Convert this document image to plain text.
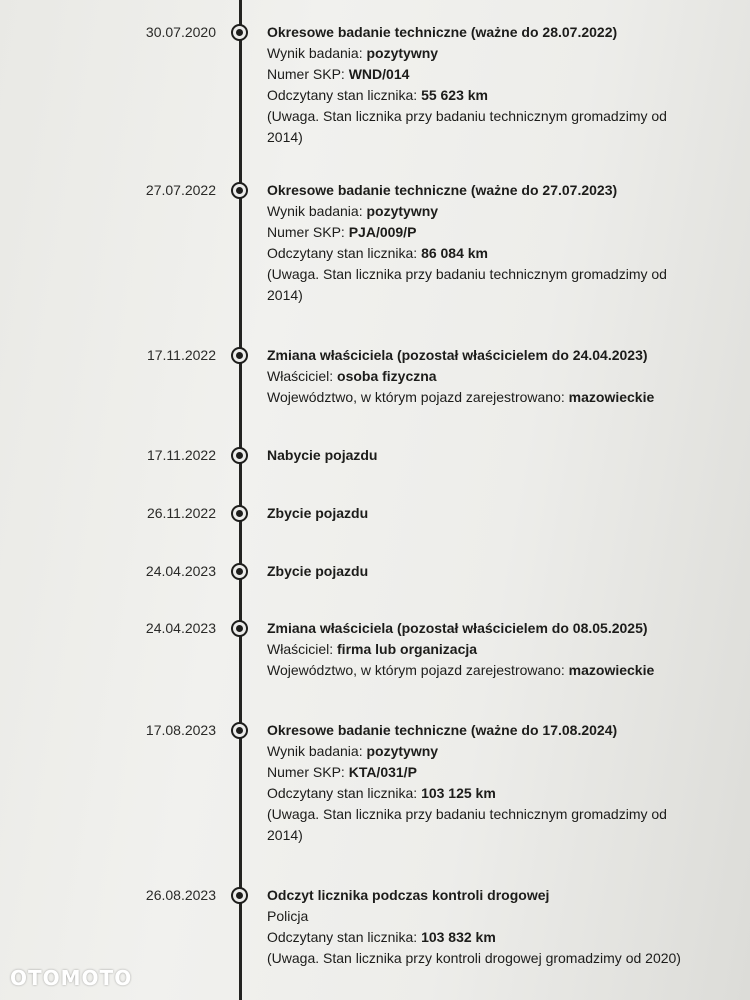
30.07.2020	Okresowe badanie techniczne (ważne do 28.07.2022)
Wynik badania: pozytywny
Numer SKP: WND/014
Odczytany stan licznika: 55 623 km
(Uwaga. Stan licznika przy badaniu technicznym gromadzimy od 2014)
27.07.2022	Okresowe badanie techniczne (ważne do 27.07.2023)
Wynik badania: pozytywny
Numer SKP: PJA/009/P
Odczytany stan licznika: 86 084 km
(Uwaga. Stan licznika przy badaniu technicznym gromadzimy od 2014)
17.11.2022	Zmiana właściciela (pozostał właścicielem do 24.04.2023)
Właściciel: osoba fizyczna
Województwo, w którym pojazd zarejestrowano: mazowieckie
17.11.2022	Nabycie pojazdu
26.11.2022	Zbycie pojazdu
24.04.2023	Zbycie pojazdu
24.04.2023	Zmiana właściciela (pozostał właścicielem do 08.05.2025)
Właściciel: firma lub organizacja
Województwo, w którym pojazd zarejestrowano: mazowieckie
17.08.2023	Okresowe badanie techniczne (ważne do 17.08.2024)
Wynik badania: pozytywny
Numer SKP: KTA/031/P
Odczytany stan licznika: 103 125 km
(Uwaga. Stan licznika przy badaniu technicznym gromadzimy od 2014)
26.08.2023	Odczyt licznika podczas kontroli drogowej
Policja
Odczytany stan licznika: 103 832 km
(Uwaga. Stan licznika przy kontroli drogowej gromadzimy od 2020)
OTOMOTO
